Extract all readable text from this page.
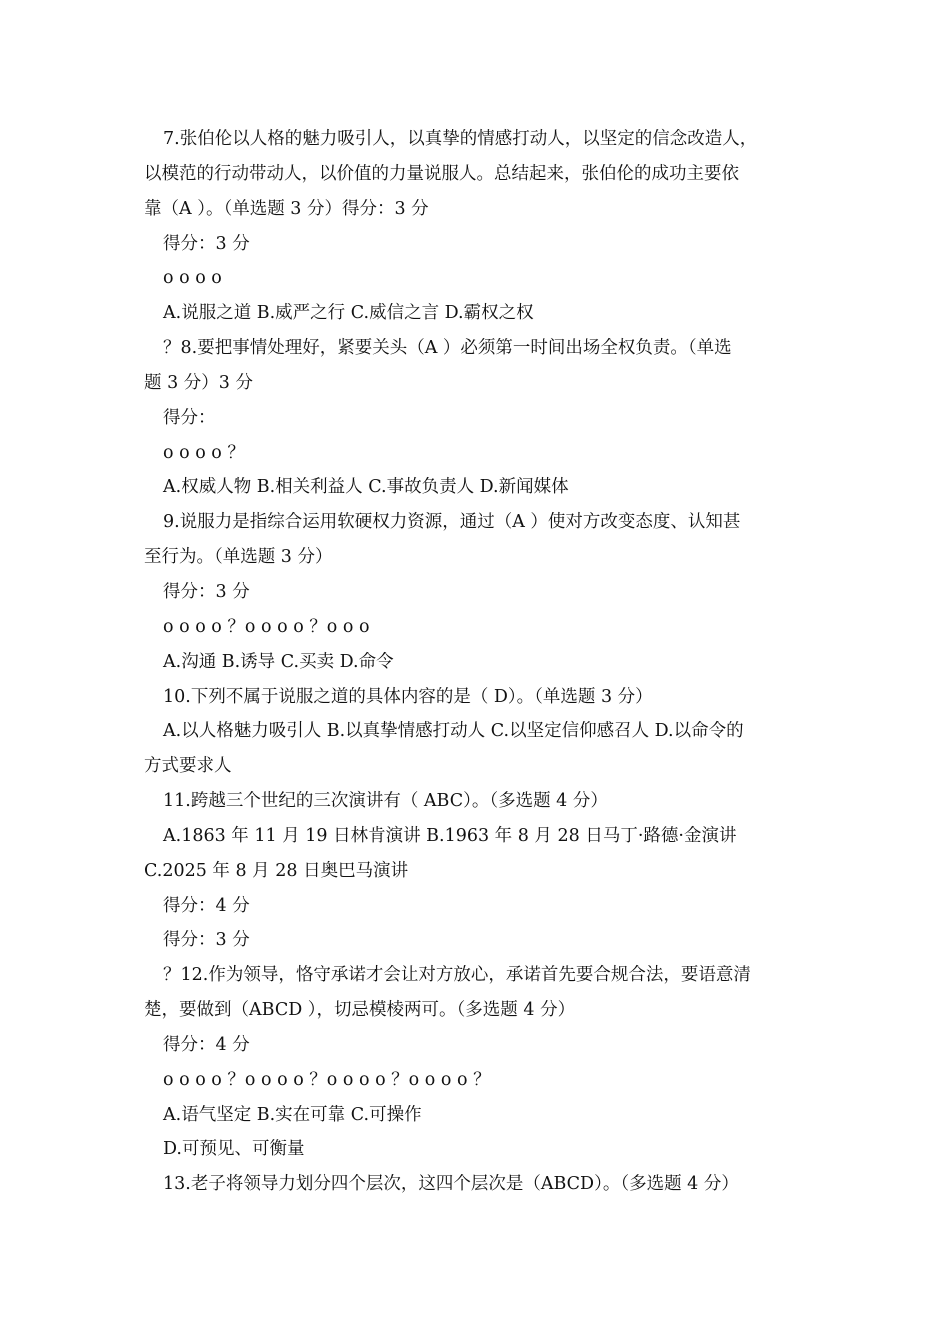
7.张伯伦以人格的魅力吸引人，以真挚的情感打动人，以坚定的信念改造人，
以模范的行动带动人，以价值的力量说服人。总结起来，张伯伦的成功主要依
靠（A ）。（单选题 3 分）得分：3 分
得分：3 分
o o o o
A.说服之道 B.威严之行 C.威信之言 D.霸权之权
？8.要把事情处理好，紧要关头（A ）必须第一时间出场全权负责。（单选
题 3 分）3 分
得分：
o o o o ？
A.权威人物 B.相关利益人 C.事故负责人 D.新闻媒体
9.说服力是指综合运用软硬权力资源，通过（A ）使对方改变态度、认知甚
至行为。（单选题 3 分）
得分：3 分
o o o o ？o o o o ？o o o
A.沟通 B.诱导 C.买卖 D.命令
10.下列不属于说服之道的具体内容的是（ D）。（单选题 3 分）
A.以人格魅力吸引人 B.以真挚情感打动人 C.以坚定信仰感召人 D.以命令的
方式要求人
11.跨越三个世纪的三次演讲有（ ABC）。（多选题 4 分）
A.1863 年 11 月 19 日林肯演讲 B.1963 年 8 月 28 日马丁·路德·金演讲
C.2025 年 8 月 28 日奥巴马演讲
得分：4 分
得分：3 分
？12.作为领导，恪守承诺才会让对方放心，承诺首先要合规合法，要语意清
楚，要做到（ABCD ），切忌模棱两可。（多选题 4 分）
得分：4 分
o o o o ？o o o o ？o o o o ？o o o o ？
A.语气坚定 B.实在可靠 C.可操作
D.可预见、可衡量
13.老子将领导力划分四个层次，这四个层次是（ABCD）。（多选题 4 分）
